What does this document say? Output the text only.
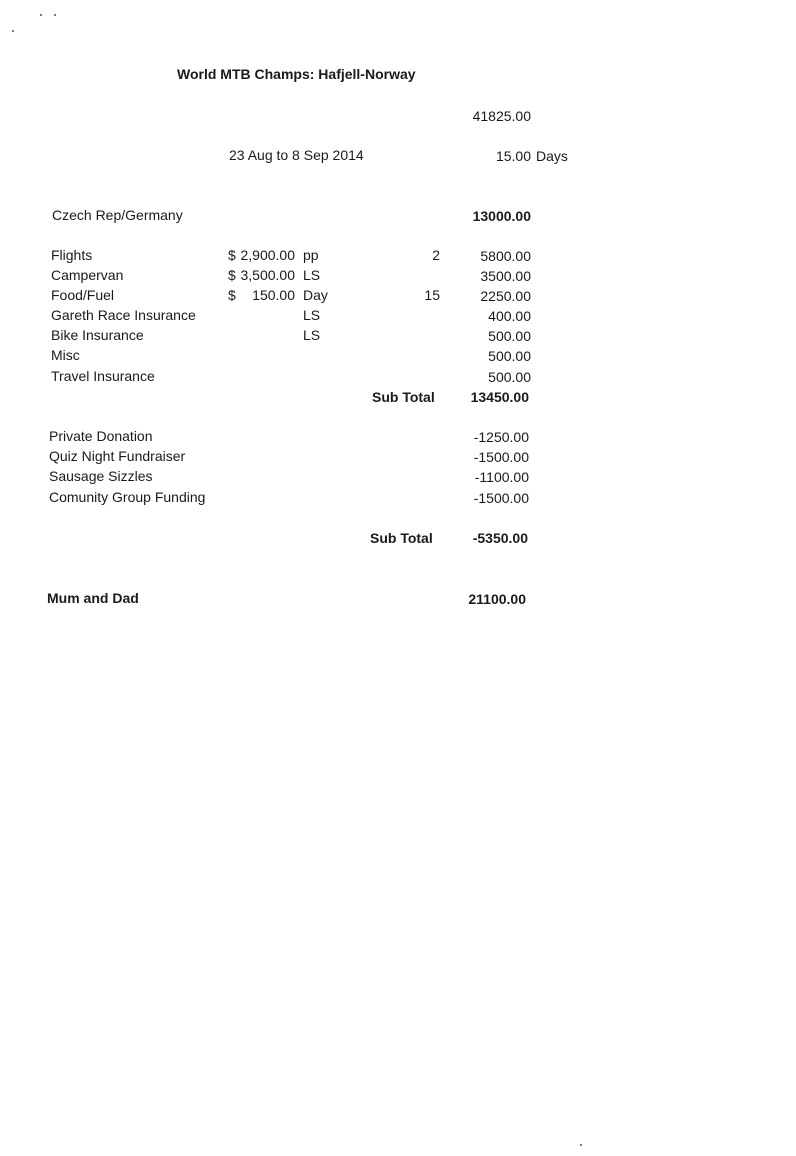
World MTB Champs: Hafjell-Norway
41825.00
23 Aug to 8 Sep 2014	15.00 Days
Czech Rep/Germany	13000.00
Flights	$ 2,900.00 pp	2	5800.00
Campervan	$ 3,500.00 LS	3500.00
Food/Fuel	$	150.00 Day	15	2250.00
Gareth Race Insurance	LS	400.00
Bike Insurance	LS	500.00
Misc	500.00
Travel Insurance	500.00
Sub Total	13450.00
Private Donation	-1250.00
Quiz Night Fundraiser	-1500.00
Sausage Sizzles	-1100.00
Comunity Group Funding	-1500.00
Sub Total	-5350.00
Mum and Dad	21100.00
